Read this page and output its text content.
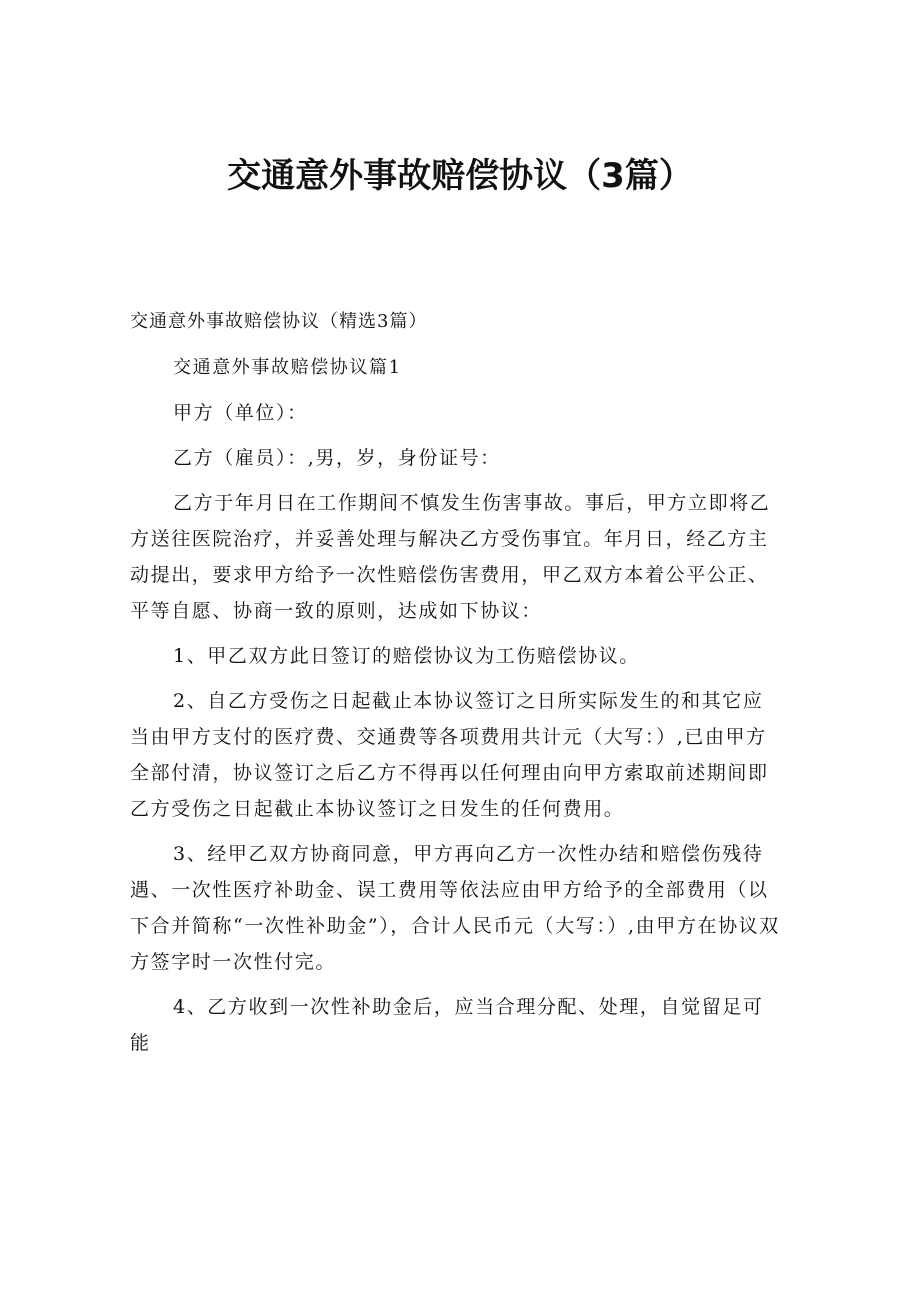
交通意外事故赔偿协议（3篇）

交通意外事故赔偿协议（精选3篇）

交通意外事故赔偿协议篇1

甲方（单位）：

乙方（雇员）：,男，岁，身份证号：

乙方于年月日在工作期间不慎发生伤害事故。事后，甲方立即将乙方送往医院治疗，并妥善处理与解决乙方受伤事宜。年月日，经乙方主动提出，要求甲方给予一次性赔偿伤害费用，甲乙双方本着公平公正、平等自愿、协商一致的原则，达成如下协议：

1、甲乙双方此日签订的赔偿协议为工伤赔偿协议。

2、自乙方受伤之日起截止本协议签订之日所实际发生的和其它应当由甲方支付的医疗费、交通费等各项费用共计元（大写：）,已由甲方全部付清，协议签订之后乙方不得再以任何理由向甲方索取前述期间即乙方受伤之日起截止本协议签订之日发生的任何费用。

3、经甲乙双方协商同意，甲方再向乙方一次性办结和赔偿伤残待遇、一次性医疗补助金、误工费用等依法应由甲方给予的全部费用（以下合并简称“一次性补助金”），合计人民币元（大写：）,由甲方在协议双方签字时一次性付完。

4、乙方收到一次性补助金后，应当合理分配、处理，自觉留足可能
